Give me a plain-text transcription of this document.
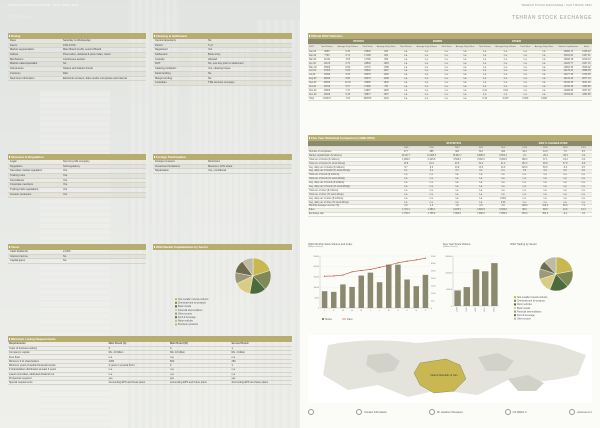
TEHRAN STOCK EXCHANGE • FACT BOOK 2002
TEHRAN
Dating
Days	Saturday to Wednesday
Hours	9:00-12:00
Market segmentation	Main Board (A+B), second Board
Indices	Price index, dividend & price index, return
Mechanism	Continuous auction
Market maker/specialist	No
Instruments	Shares and Islamic bonds
Currency	Rial
Real time information	Electronic screens, data vendor companies and internet
Clearing & Settlement
Central depository	No
Period	T+3
Registered	Yes
Settlement	Book entry
Custody	Allowed
DVP	No, one day prior to settlement
Clearing institution	Yes, clearing house
Stock lending	No
Margin lending	No
Custodian	TSE services company
Structure & Regulation
Legal	Non-for-profit company
Regulation	Self-regulatory
Securities market regulation	Yes
Trading rules	Yes
Surveillance	Yes
Corporate members	Yes
Trading halts regulations	Yes
Investor protection	Yes
Foreign Participation
Foreign investors	Restricted
Investment limitations	Maximum 10% share
Repatriation	Yes, conditional
Taxes
Cash dividends	2-10%
Interest income	No
Capital gains	No
2002 Market Capitalization by Sector
Non-metallic mineral products
Chemicals and by-products
Basic metals
Financial intermediation
Other sectors
Food & beverage
Motor vehicles
Petroleum products
Minimum Listing Requirements
Requirements	Main Board (A)	Main Board (B)	Second Board
Years of business activity	3	3	1
Company's capital	Rls. 20 billion	Rls. 10 billion	Rls. 2 billion
Free float	n.a.	n.a.	n.a.
Minimum # of shareholders	1000	500	250
Minimum years of audited financial results	2 years in several Form	2	1
# shareholders distribution at least 3 years	n.a.	n.a.	n.a.
Latest committed, attributed dividend out	n.a.	n.a.	n.a.
Prospectus required	yes	yes	yes
Special requirements	Accounting EPS and future plans	Accounting EPS and future plans	Accounting EPS and future plans
TEHRAN STOCK EXCHANGE • FACT BOOK 2002
TEHRAN STOCK EXCHANGE
Official 2002 Statistics
	STOCKS				BONDS				OTHER					
2002	Total Volume	Average Daily Volume	Total Value	Average Daily Value	Total Volume	Average Daily Volume	Total Value	Average Daily Value	Total Volume	Average Daily Volume	Total Value	Average Daily Value	Market Capitalization	Index
Jan-02	8069	5.32	23803	843	n.a.	n.a.	n.a.	n.a.	n.a.	n.a.	n.a.	n.a.	10992.74	2138.00
Feb-02	7760	6.72	17198	904	n.a.	n.a.	n.a.	n.a.	n.a.	n.a.	n.a.	n.a.	11634.64	2157.61
Mar-02	11340	3.55	12786	699	n.a.	n.a.	n.a.	n.a.	n.a.	n.a.	n.a.	n.a.	10818.18	2218.04
Apr-02	10120	6.70	28840	1383	n.a.	n.a.	n.a.	n.a.	n.a.	n.a.	n.a.	n.a.	11226.77	2437.10
May-02	15606	8.65	34772	1788	n.a.	n.a.	n.a.	n.a.	n.a.	n.a.	n.a.	n.a.	11803.18	2526.02
Jun-02	17000	6.52	35942	1637	n.a.	n.a.	n.a.	n.a.	n.a.	n.a.	n.a.	n.a.	12179.41	2596.25
Jul-02	12390	9.25	28078	1284	n.a.	n.a.	n.a.	n.a.	n.a.	n.a.	n.a.	n.a.	12477.39	2733.85
Aug-02	20840	8.80	28373	1408	n.a.	n.a.	n.a.	n.a.	n.a.	n.a.	n.a.	n.a.	13131.22	2877.13
Sep-02	20840	10.40	30806	1930	n.a.	n.a.	n.a.	n.a.	n.a.	n.a.	n.a.	n.a.	13416.35	3041.06
Oct-02	13700	5.27	27082	790	n.a.	n.a.	n.a.	n.a.	n.a.	n.a.	n.a.	n.a.	12706.50	3153.85
Nov-02	10506	7.37	19967	1028	n.a.	n.a.	n.a.	n.a.	0.21	0.02	n.a.	n.a.	12489.80	3237.84
Dec-02	15940	6.18	38877	1537	n.a.	n.a.	n.a.	n.a.	n.a.	n.a.	n.a.	n.a.	13784.83	3352.58
Total	154470	7.64	336575	1434	n.a.	n.a.	n.a.	n.a.	0.22	0.007	0.009	0.006		
Five Year Statistical Comparison (1998-2002)
	STATISTICS					2002 % CHANGE OVER			
	1998	1999	2000	2001	2002	1998	1999	2000	2001
Number of companies	277	285	303	314	322	16.2	12.6	7.6	2.5
Market capitalization ($ millions)	10,067.7	13,908.6	15,981.7	9,888.9	9,853.4	-2.1	-29.2	-38.3	-0.4
Total val. of stocks ($ millions)	1,089.6	2,225.8	3,598.2	3,360.2	3,050.6	180.0	37.1	-15.2	-9.2
Total val. of stocks (% stock-M/cap)	10.8	16.0	22.5	34.0	31.0	187.0	93.8	37.8	-8.8
Avg. daily val. of stocks ($ millions)	5.7	9.3	14.8	13.4	14.0	145.6	50.5	-5.4	4.5
Avg. daily val. of stocks (% stock-M/cap)	0.1	0.1	0.1	0.1	0.1	0.0	0.0	0.0	0.0
Total val. of bonds ($ millions)	n.a.	n.a.	n.a.	n.a.	n.a.	n.a.	n.a.	n.a.	n.a.
Total val. of bonds (% stock-M/cap)	n.a.	n.a.	n.a.	n.a.	n.a.	n.a.	n.a.	n.a.	n.a.
Avg. daily val. of bonds ($ millions)	n.a.	n.a.	n.a.	n.a.	n.a.	n.a.	n.a.	n.a.	n.a.
Avg. daily val. of bonds (% stock-M/cap)	n.a.	n.a.	n.a.	n.a.	n.a.	n.a.	n.a.	n.a.	n.a.
Total val. of other ($ millions)	n.a.	n.a.	n.a.	n.a.	n.a.	n.a.	n.a.	n.a.	n.a.
Total val. of other (% stock-M/cap)	n.a.	n.a.	n.a.	n.a.	n.a.	n.a.	n.a.	n.a.	n.a.
Avg. daily val. of other ($ millions)	n.a.	n.a.	n.a.	n.a.	0.001	n.a.	n.a.	n.a.	n.a.
Avg. daily val. of other (% stock-M/cap)	n.a.	n.a.	n.a.	n.a.	0.00	n.a.	n.a.	n.a.	n.a.
Monthly average turnover (%)	0.9	1.3	1.9	2.8	2.6	188.9	100.0	36.8	-7.1
Index	1,781.1	1,986.1	2,978.1	2,929.9	3,352.6	88.2	68.8	12.6	14.4
Exchange rate	1,755.0	1,755.0	7,960.0	7,960.0	7,950.0	353.0	353.0	-0.1	-0.1
2002 Monthly Stock Volume and Index
(Million shares)
0
5000
10000
15000
20000
25000
J	F	M	A	M	J	J	A	S	O	N	D
0
500
1000
1500
2000
2500
3000
3500
Stocks	Index
Five Year Stock Volume
(Million shares)
0
60000
120000
180000
1998	1999	2000	2001	2002
2002 Trading by Sector
Non-metallic mineral products
Chemicals and by-products
Motor vehicles
Basic metals
Financial intermediation
Food & beverage
Other sectors
Islamic Republic of Iran
Contact Information	Mr. Hashem Moussavi	Intl (98)21 3.	www.tse.or.ir
